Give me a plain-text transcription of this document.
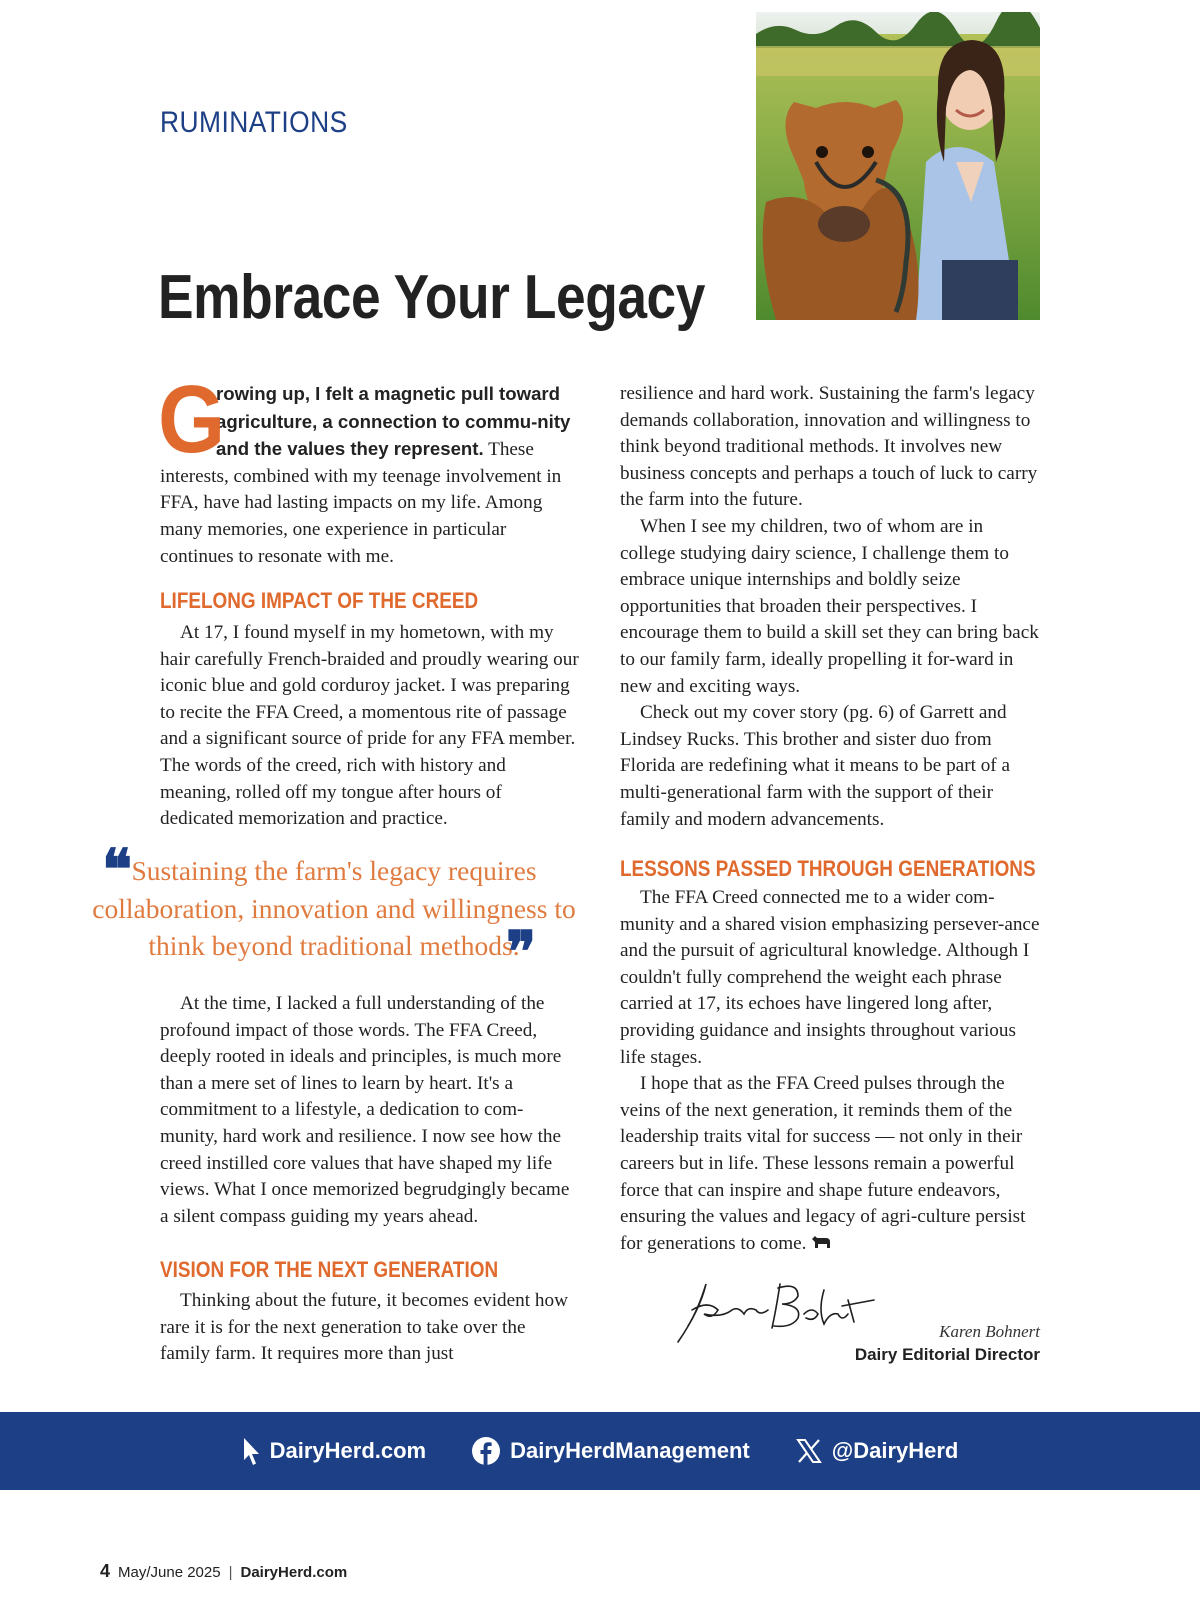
RUMINATIONS
Embrace Your Legacy
G
rowing up, I felt a magnetic pull toward agriculture, a connection to commu-nity and the values they represent. These interests, combined with my teenage involvement in FFA, have had lasting impacts on my life. Among many memories, one experience in particular continues to resonate with me.
LIFELONG IMPACT OF THE CREED

At 17, I found myself in my hometown, with my hair carefully French-braided and proudly wearing our iconic blue and gold corduroy jacket. I was preparing to recite the FFA Creed, a momentous rite of passage and a significant source of pride for any FFA member. The words of the creed, rich with history and meaning, rolled off my tongue after hours of dedicated memorization and practice.

❝ Sustaining the farm's legacy requires collaboration, innovation and willingness to think beyond traditional methods.
❞

At the time, I lacked a full understanding of the profound impact of those words. The FFA Creed, deeply rooted in ideals and principles, is much more than a mere set of lines to learn by heart. It's a commitment to a lifestyle, a dedication to com-munity, hard work and resilience. I now see how the creed instilled core values that have shaped my life views. What I once memorized begrudgingly became a silent compass guiding my years ahead.

VISION FOR THE NEXT GENERATION

Thinking about the future, it becomes evident how rare it is for the next generation to take over the family farm. It requires more than just

resilience and hard work. Sustaining the farm's legacy demands collaboration, innovation and willingness to think beyond traditional methods. It involves new business concepts and perhaps a touch of luck to carry the farm into the future.

When I see my children, two of whom are in college studying dairy science, I challenge them to embrace unique internships and boldly seize opportunities that broaden their perspectives. I encourage them to build a skill set they can bring back to our family farm, ideally propelling it for-ward in new and exciting ways.

Check out my cover story (pg. 6) of Garrett and Lindsey Rucks. This brother and sister duo from Florida are redefining what it means to be part of a multi-generational farm with the support of their family and modern advancements.

LESSONS PASSED THROUGH GENERATIONS

The FFA Creed connected me to a wider com-munity and a shared vision emphasizing persever-ance and the pursuit of agricultural knowledge. Although I couldn't fully comprehend the weight each phrase carried at 17, its echoes have lingered long after, providing guidance and insights throughout various life stages.

I hope that as the FFA Creed pulses through the veins of the next generation, it reminds them of the leadership traits vital for success — not only in their careers but in life. These lessons remain a powerful force that can inspire and shape future endeavors, ensuring the values and legacy of agri-culture persist for generations to come.

Karen Bohnert
Dairy Editorial Director
DairyHerd.com	DairyHerdManagement	@DairyHerd
4 May/June 2025 | DairyHerd.com
